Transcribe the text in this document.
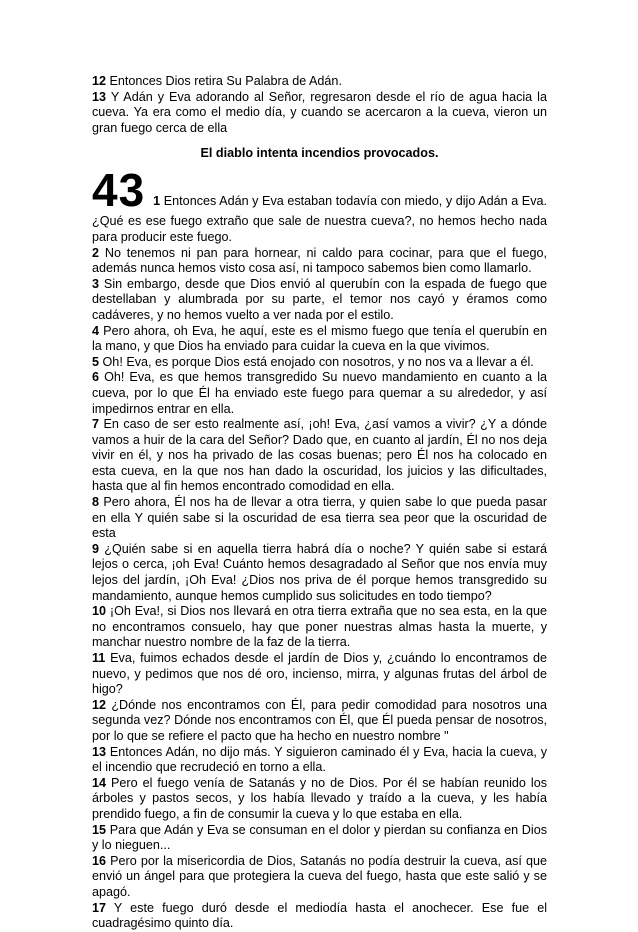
12 Entonces Dios retira Su Palabra de Adán.

13 Y Adán y Eva adorando al Señor, regresaron desde el río de agua hacia la cueva. Ya era como el medio día, y cuando se acercaron a la cueva, vieron un gran fuego cerca de ella

El diablo intenta incendios provocados.
43 1 Entonces Adán y Eva estaban todavía con miedo, y dijo Adán a Eva.

¿Qué es ese fuego extraño que sale de nuestra cueva?, no hemos hecho nada para producir este fuego.

2 No tenemos ni pan para hornear, ni caldo para cocinar, para que el fuego, además nunca hemos visto cosa así, ni tampoco sabemos bien como llamarlo.

3 Sin embargo, desde que Dios envió al querubín con la espada de fuego que destellaban y alumbrada por su parte, el temor nos cayó y éramos como cadáveres, y no hemos vuelto a ver nada por el estilo.

4 Pero ahora, oh Eva, he aquí, este es el mismo fuego que tenía el querubín en la mano, y que Dios ha enviado para cuidar la cueva en la que vivimos.

5 Oh! Eva, es porque Dios está enojado con nosotros, y no nos va a llevar a él.

6 Oh! Eva, es que hemos transgredido Su nuevo mandamiento en cuanto a la cueva, por lo que Él ha enviado este fuego para quemar a su alrededor, y así impedirnos entrar en ella.

7 En caso de ser esto realmente así, ¡oh! Eva, ¿así vamos a vivir? ¿Y a dónde vamos a huir de la cara del Señor? Dado que, en cuanto al jardín, Él no nos deja vivir en él, y nos ha privado de las cosas buenas; pero Él nos ha colocado en esta cueva, en la que nos han dado la oscuridad, los juicios y las dificultades, hasta que al fin hemos encontrado comodidad en ella.

8 Pero ahora, Él nos ha de llevar a otra tierra, y quien sabe lo que pueda pasar en ella Y quién sabe si la oscuridad de esa tierra sea peor que la oscuridad de esta

9 ¿Quién sabe si en aquella tierra habrá día o noche? Y quién sabe si estará lejos o cerca, ¡oh Eva! Cuánto hemos desagradado al Señor que nos envía muy lejos del jardín, ¡Oh Eva! ¿Dios nos priva de él porque hemos transgredido su mandamiento, aunque hemos cumplido sus solicitudes en todo tiempo?

10 ¡Oh Eva!, si Dios nos llevará en otra tierra extraña que no sea esta, en la que no encontramos consuelo, hay que poner nuestras almas hasta la muerte, y manchar nuestro nombre de la faz de la tierra.

11 Eva, fuimos echados desde el jardín de Dios y, ¿cuándo lo encontramos de nuevo, y pedimos que nos dé oro, incienso, mirra, y algunas frutas del árbol de higo?

12 ¿Dónde nos encontramos con Él, para pedir comodidad para nosotros una segunda vez? Dónde nos encontramos con Él, que Él pueda pensar de nosotros, por lo que se refiere el pacto que ha hecho en nuestro nombre "

13 Entonces Adán, no dijo más. Y siguieron caminado él y Eva, hacia la cueva, y el incendio que recrudeció en torno a ella.

14 Pero el fuego venía de Satanás y no de Dios. Por él se habían reunido los árboles y pastos secos, y los había llevado y traído a la cueva, y les había prendido fuego, a fin de consumir la cueva y lo que estaba en ella.

15 Para que Adán y Eva se consuman en el dolor y pierdan su confianza en Dios y lo nieguen...

16 Pero por la misericordia de Dios, Satanás no podía destruir la cueva, así que envió un ángel para que protegiera la cueva del fuego, hasta que este salió y se apagó.

17 Y este fuego duró desde el mediodía hasta el anochecer. Ese fue el cuadragésimo quinto día.
